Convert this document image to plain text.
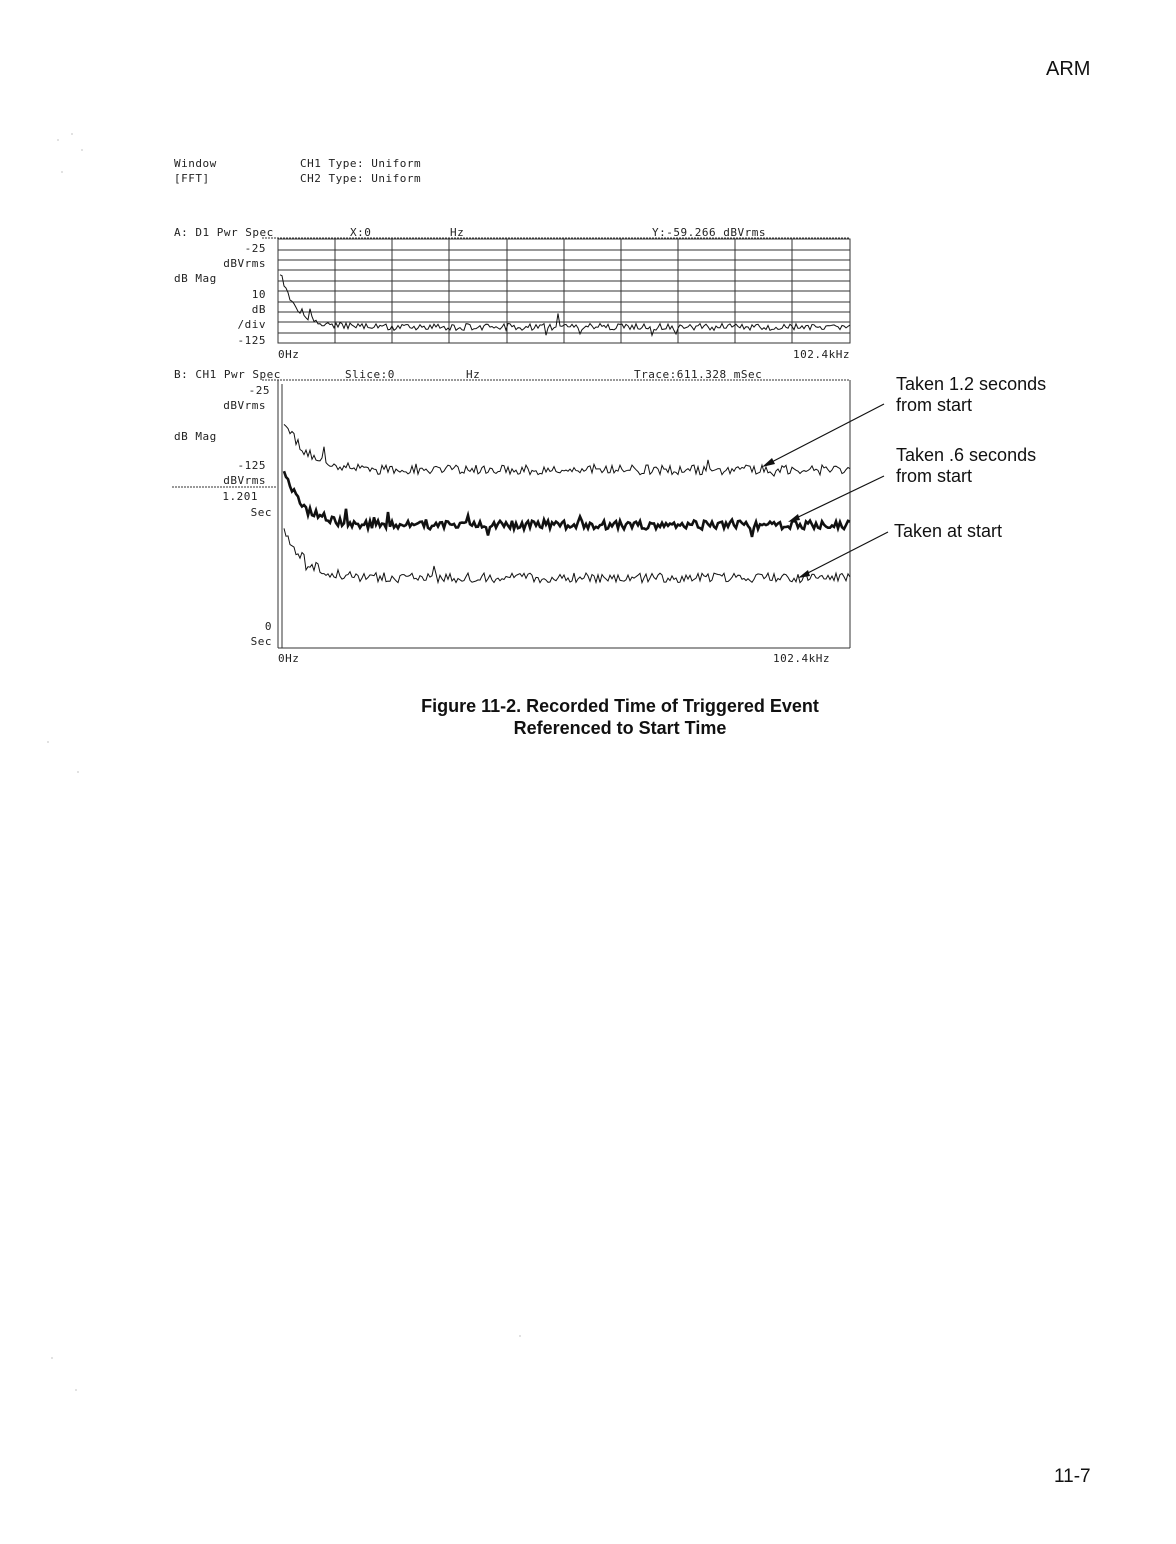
ARM
Window
[FFT]
CH1 Type: Uniform
CH2 Type: Uniform
A: D1 Pwr Spec	X:0	Hz	Y:-59.266 dBVrms
-25
dBVrms
dB Mag
10
dB
/div
-125
0Hz	102.4kHz
B: CH1 Pwr Spec	Slice:0	Hz	Trace:611.328 mSec
-25
dBVrms
dB Mag
-125
dBVrms
1.201
Sec
0
Sec
0Hz	102.4kHz
Taken 1.2 seconds
from start
Taken .6 seconds
from start
Taken at start
Figure 11-2. Recorded Time of Triggered Event
Referenced to Start Time
11-7
